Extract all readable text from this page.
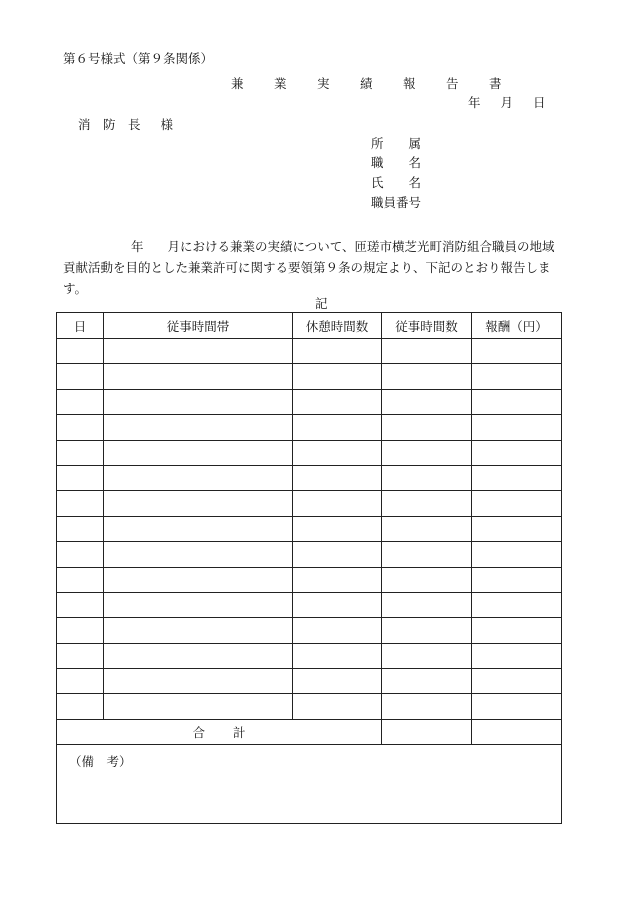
第６号様式（第９条関係）
兼　業　実　績　報　告　書
年 月 日
消　防　長 様
所　　属
職　　名
氏　　名
職員番号
年 月における兼業の実績について、匝瑳市横芝光町消防組合職員の地域貢献活動を目的とした兼業許可に関する要領第９条の規定より、下記のとおり報告します。
記
日	従事時間帯	休憩時間数	従事時間数	報酬（円）

合 計				
（備　考）				
